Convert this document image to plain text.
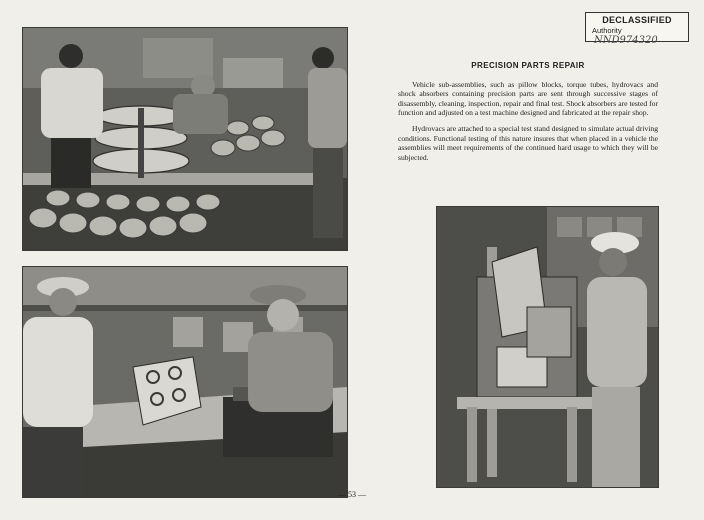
DECLASSIFIED
Authority NND974320
PRECISION PARTS REPAIR

Vehicle sub-assemblies, such as pillow blocks, torque tubes, hydrovacs and shock absorbers containing precision parts are sent through successive stages of disassembly, cleaning, inspection, repair and final test. Shock absorbers are tested for function and adjusted on a test machine designed and fabricated at the repair shop.

Hydrovacs are attached to a special test stand designed to simulate actual driving conditions. Functional testing of this nature insures that when placed in a vehicle the assemblies will meet requirements of the continued hard usage to which they will be subjected.

— 53 —
